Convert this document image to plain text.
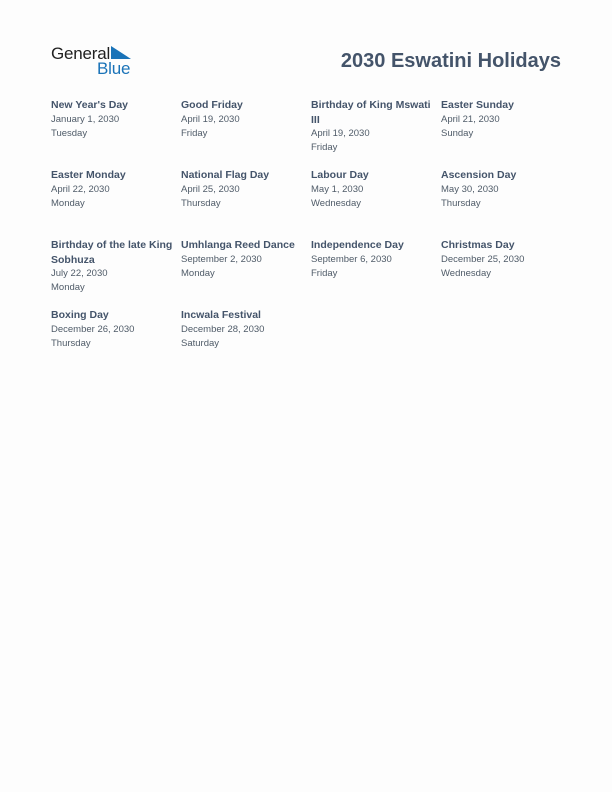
General
Blue	2030 Eswatini Holidays
New Year's Day
January 1, 2030
Tuesday
Good Friday
April 19, 2030
Friday
Birthday of King Mswati III
April 19, 2030
Friday
Easter Sunday
April 21, 2030
Sunday
Easter Monday
April 22, 2030
Monday
National Flag Day
April 25, 2030
Thursday
Labour Day
May 1, 2030
Wednesday
Ascension Day
May 30, 2030
Thursday
Birthday of the late King Sobhuza
July 22, 2030
Monday
Umhlanga Reed Dance
September 2, 2030
Monday
Independence Day
September 6, 2030
Friday
Christmas Day
December 25, 2030
Wednesday
Boxing Day
December 26, 2030
Thursday
Incwala Festival
December 28, 2030
Saturday
